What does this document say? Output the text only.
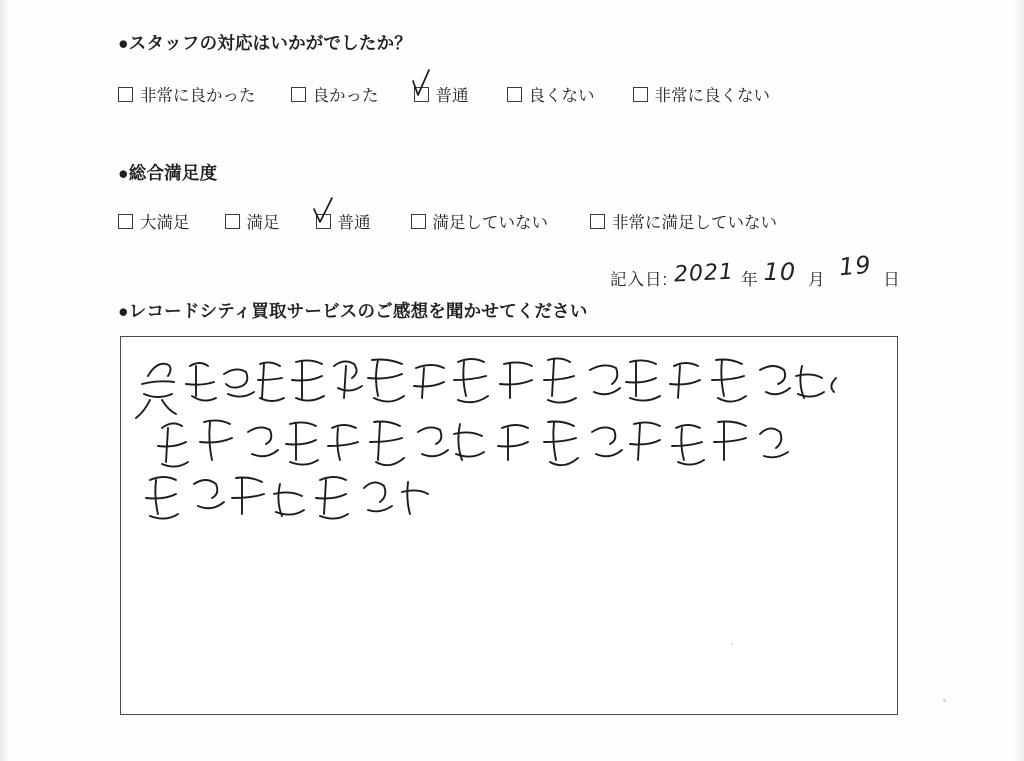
●スタッフの対応はいかがでしたか？
非常に良かった	良かった	普通	良くない	非常に良くない
●総合満足度
大満足	満足	普通	満足していない	非常に満足していない
記入日: 2021 年 10 月 19 日
●レコードシティ買取サービスのご感想を聞かせてください
